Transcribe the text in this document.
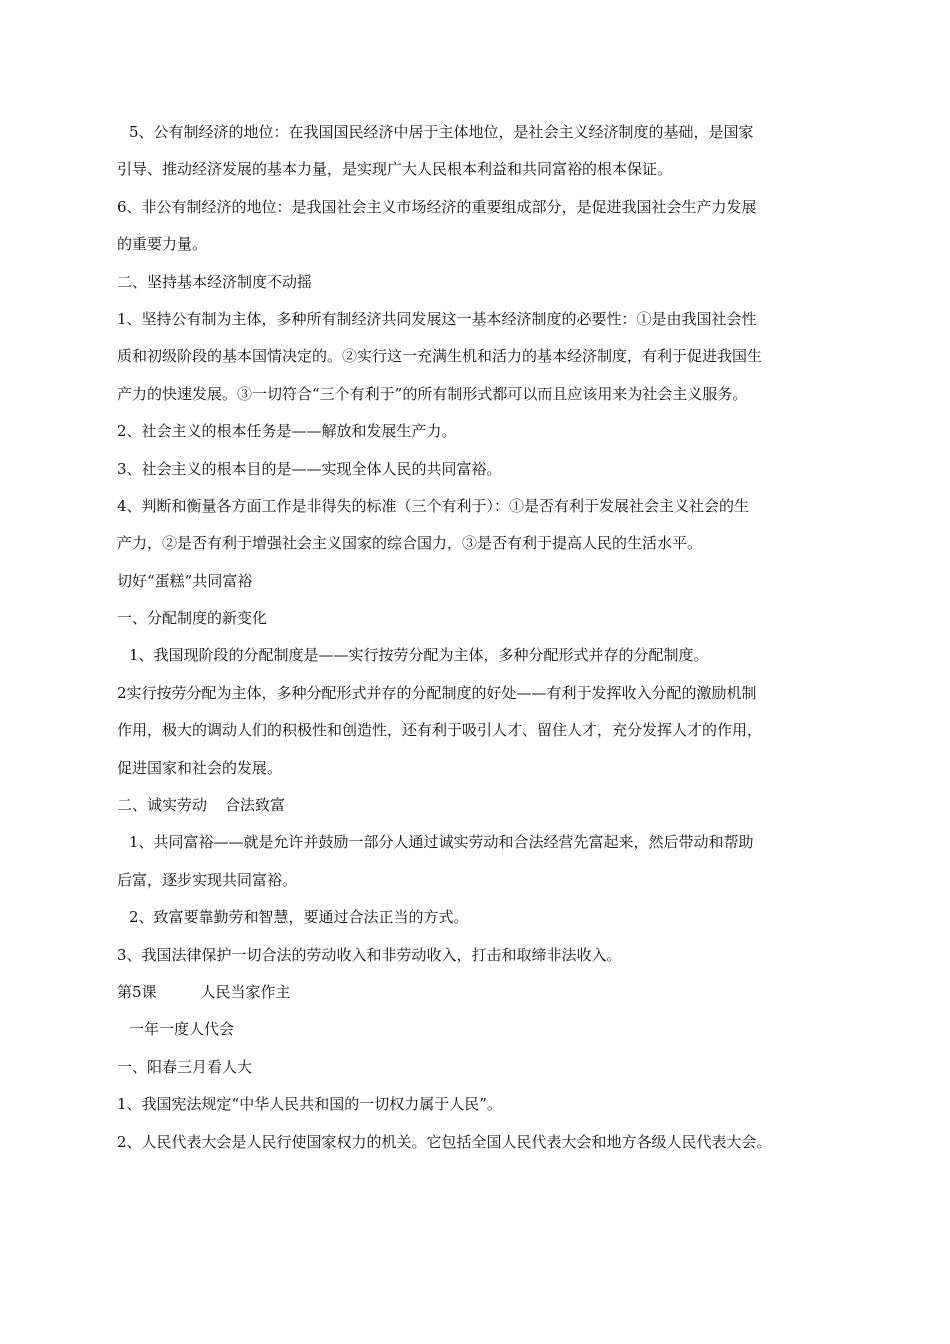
5、公有制经济的地位：在我国国民经济中居于主体地位，是社会主义经济制度的基础，是国家
引导、推动经济发展的基本力量，是实现广大人民根本利益和共同富裕的根本保证。
6、非公有制经济的地位：是我国社会主义市场经济的重要组成部分，是促进我国社会生产力发展
的重要力量。
二、坚持基本经济制度不动摇
1、坚持公有制为主体，多种所有制经济共同发展这一基本经济制度的必要性：①是由我国社会性
质和初级阶段的基本国情决定的。②实行这一充满生机和活力的基本经济制度，有利于促进我国生
产力的快速发展。③一切符合“三个有利于”的所有制形式都可以而且应该用来为社会主义服务。
2、社会主义的根本任务是——解放和发展生产力。
3、社会主义的根本目的是——实现全体人民的共同富裕。
4、判断和衡量各方面工作是非得失的标准（三个有利于）：①是否有利于发展社会主义社会的生
产力，②是否有利于增强社会主义国家的综合国力，③是否有利于提高人民的生活水平。
切好“蛋糕”共同富裕
一、分配制度的新变化
1、我国现阶段的分配制度是——实行按劳分配为主体，多种分配形式并存的分配制度。
2实行按劳分配为主体，多种分配形式并存的分配制度的好处——有利于发挥收入分配的激励机制
作用，极大的调动人们的积极性和创造性，还有利于吸引人才、留住人才，充分发挥人才的作用，
促进国家和社会的发展。
二、诚实劳动 合法致富
1、共同富裕——就是允许并鼓励一部分人通过诚实劳动和合法经营先富起来，然后带动和帮助
后富，逐步实现共同富裕。
2、致富要靠勤劳和智慧，要通过合法正当的方式。
3、我国法律保护一切合法的劳动收入和非劳动收入，打击和取缔非法收入。
第5课	人民当家作主
一年一度人代会
一、阳春三月看人大
1、我国宪法规定“中华人民共和国的一切权力属于人民”。
2、人民代表大会是人民行使国家权力的机关。它包括全国人民代表大会和地方各级人民代表大会。
